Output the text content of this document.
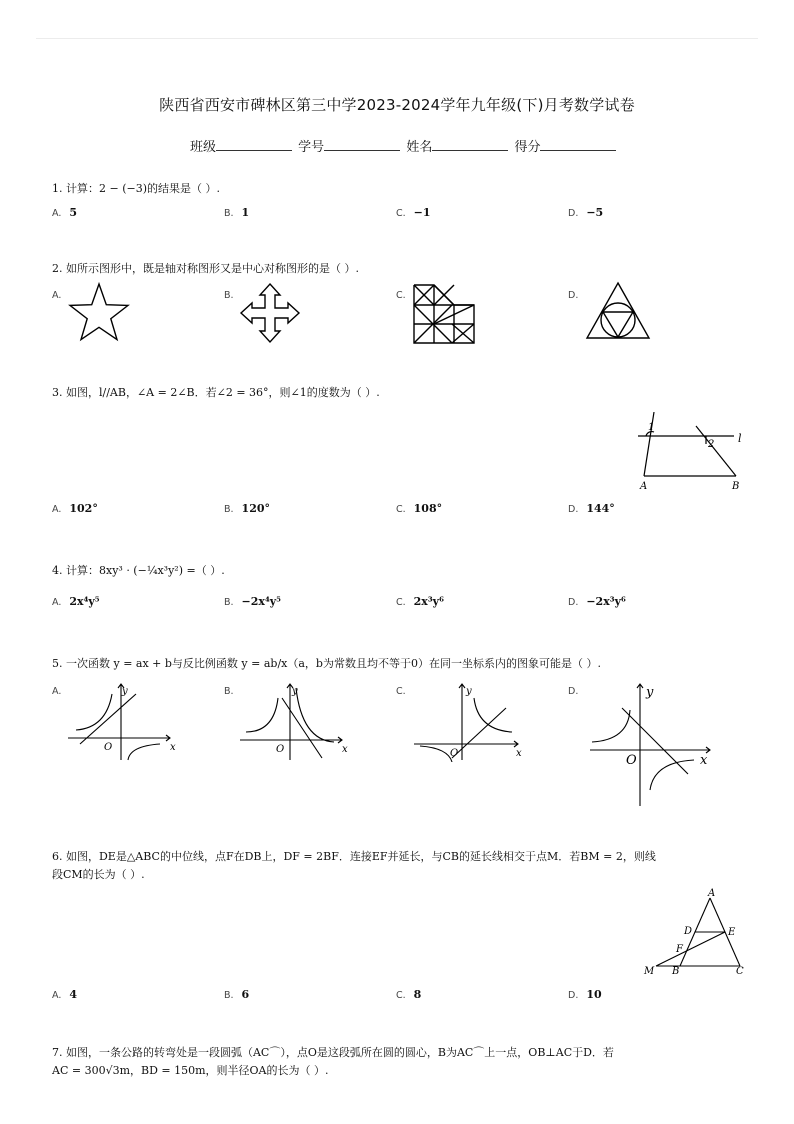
陕西省西安市碑林区第三中学2023-2024学年九年级(下)月考数学试卷
班级	学号	姓名	得分
1. 计算：2 − (−3)的结果是（ ）.
A. 5	B. 1	C. −1	D. −5
2. 如所示图形中，既是轴对称图形又是中心对称图形的是（ ）.
A.	B.	C.	D.
3. 如图，l//AB，∠A = 2∠B．若∠2 = 36°，则∠1的度数为（ ）.
1
2 l
A	B
A. 102°	B. 120°	C. 108°	D. 144°
4. 计算：8xy³ · (−¼x³y²) =（ ）.
A. 2x⁴y⁵	B. −2x⁴y⁵	C. 2x³y⁶	D. −2x³y⁶
5. 一次函数 y = ax + b与反比例函数 y = ab/x（a，b为常数且均不等于0）在同一坐标系内的图象可能是（ ）.
A.	B.	C.	D.
y
x
O
y
x
O
y
x
O
y
x
O
6. 如图，DE是△ABC的中位线，点F在DB上，DF = 2BF．连接EF并延长，与CB的延长线相交于点M．若BM = 2，则线
段CM的长为（ ）.
A
D	E
F
M B	C
A. 4	B. 6	C. 8	D. 10
7. 如图，一条公路的转弯处是一段圆弧（AC⌒），点O是这段弧所在圆的圆心，B为AC⌒上一点，OB⊥AC于D．若
AC = 300√3m，BD = 150m，则半径OA的长为（ ）.
